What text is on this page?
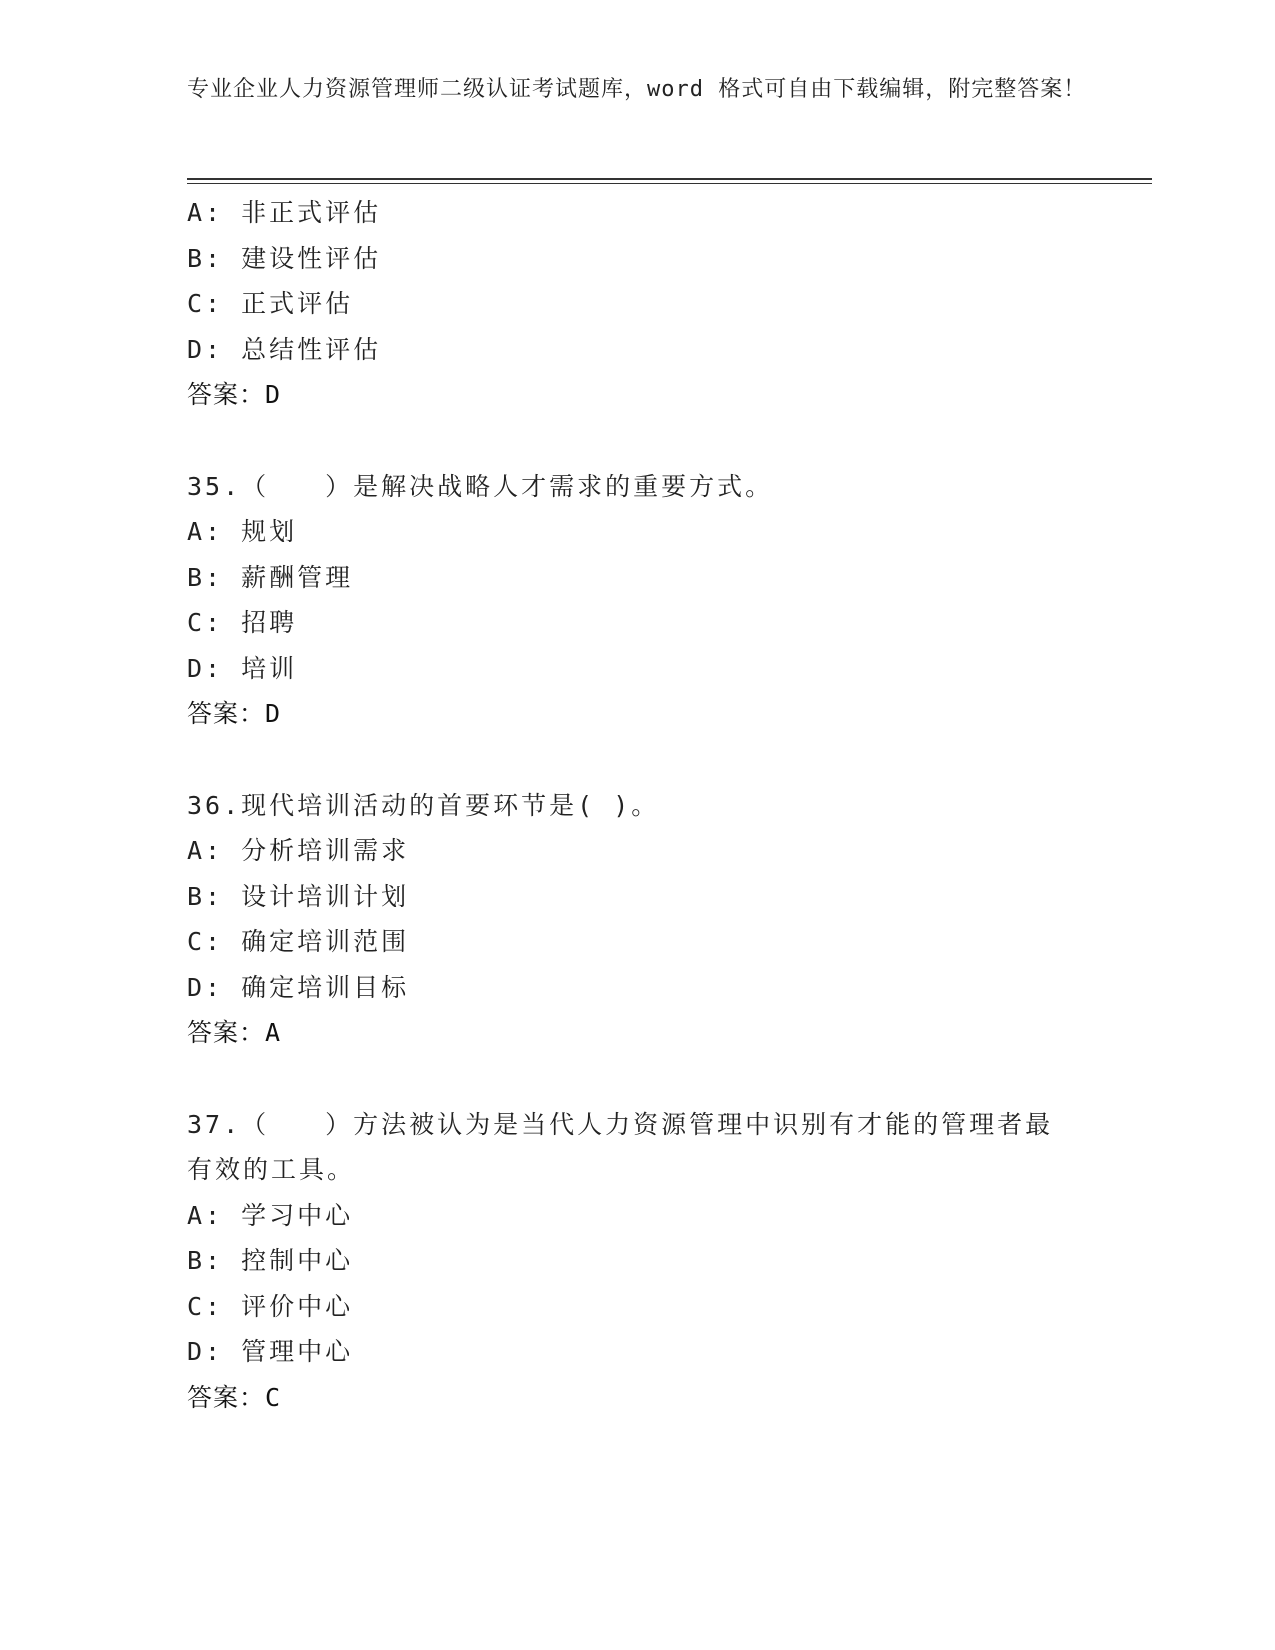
专业企业人力资源管理师二级认证考试题库，word 格式可自由下载编辑，附完整答案！
A: 非正式评估
B: 建设性评估
C: 正式评估
D: 总结性评估
答案：D
35.（　　）是解决战略人才需求的重要方式。
A: 规划
B: 薪酬管理
C: 招聘
D: 培训
答案：D
36.现代培训活动的首要环节是( )。
A: 分析培训需求
B: 设计培训计划
C: 确定培训范围
D: 确定培训目标
答案：A
37.（　　）方法被认为是当代人力资源管理中识别有才能的管理者最有效的工具。
A: 学习中心
B: 控制中心
C: 评价中心
D: 管理中心
答案：C
